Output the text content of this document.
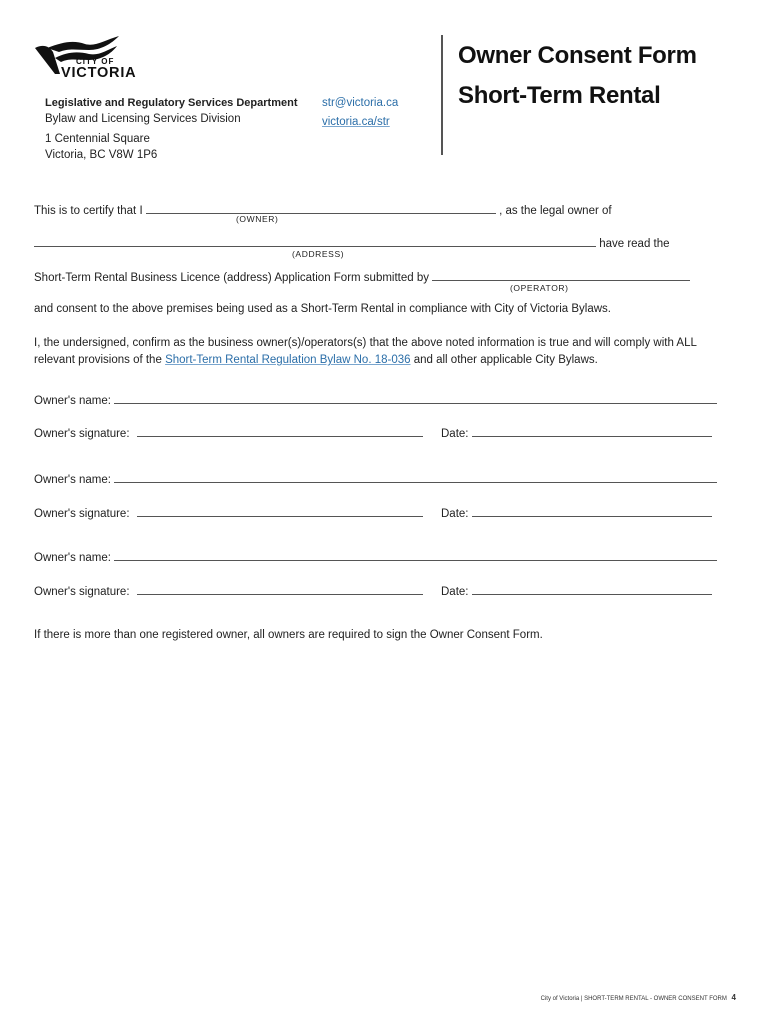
CITY OF
VICTORIA
Legislative and Regulatory Services Department
Bylaw and Licensing Services Division
1 Centennial Square
Victoria, BC V8W 1P6
str@victoria.ca
victoria.ca/str
Owner Consent Form
Short-Term Rental
This is to certify that I	, as the legal owner of
(OWNER)
have read the
(ADDRESS)
Short-Term Rental Business Licence (address) Application Form submitted by
(OPERATOR)
and consent to the above premises being used as a Short-Term Rental in compliance with City of Victoria Bylaws.
I, the undersigned, confirm as the business owner(s)/operators(s) that the above noted information is true and will comply with ALL relevant provisions of the Short-Term Rental Regulation Bylaw No. 18-036 and all other applicable City Bylaws.
Owner's name:
Owner's signature:	Date:
Owner's name:
Owner's signature:	Date:
Owner's name:
Owner's signature:	Date:
If there is more than one registered owner, all owners are required to sign the Owner Consent Form.
City of Victoria | SHORT-TERM RENTAL - OWNER CONSENT FORM 4
